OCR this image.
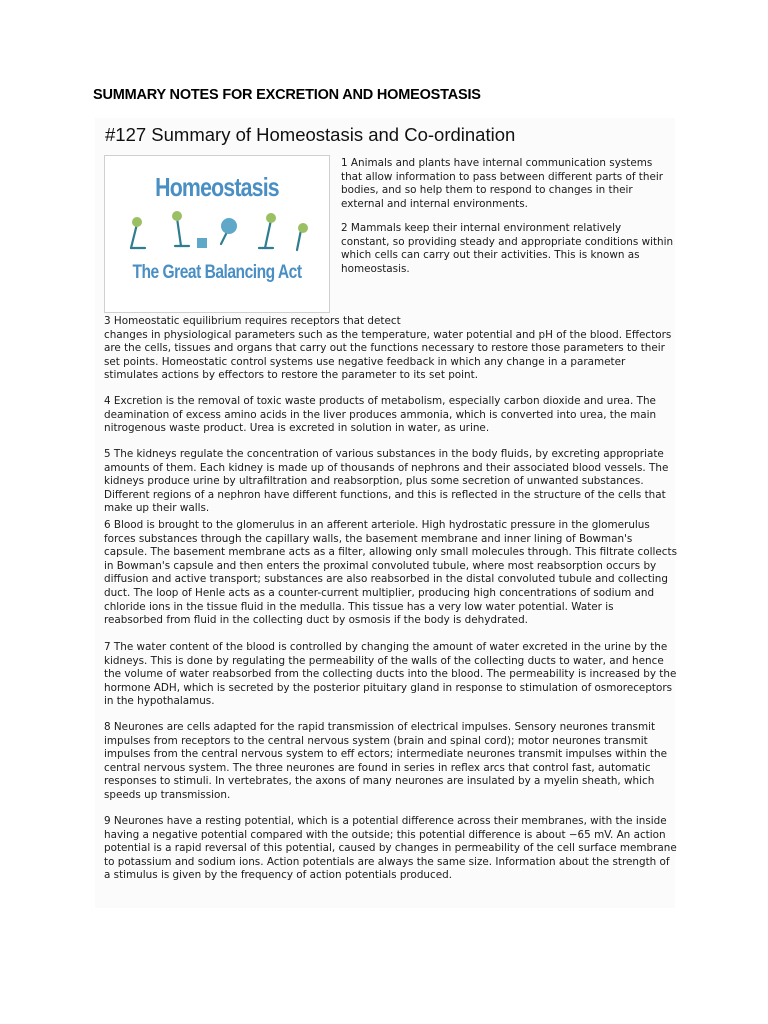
SUMMARY NOTES FOR EXCRETION AND HOMEOSTASIS
#127 Summary of Homeostasis and Co-ordination
Homeostasis
The Great Balancing Act
1 Animals and plants have internal communication systems
that allow information to pass between different parts of their
bodies, and so help them to respond to changes in their
external and internal environments.
2 Mammals keep their internal environment relatively
constant, so providing steady and appropriate conditions within
which cells can carry out their activities. This is known as
homeostasis.
3 Homeostatic equilibrium requires receptors that detect
changes in physiological parameters such as the temperature, water potential and pH of the blood. Effectors
are the cells, tissues and organs that carry out the functions necessary to restore those parameters to their
set points. Homeostatic control systems use negative feedback in which any change in a parameter
stimulates actions by effectors to restore the parameter to its set point.
4 Excretion is the removal of toxic waste products of metabolism, especially carbon dioxide and urea. The
deamination of excess amino acids in the liver produces ammonia, which is converted into urea, the main
nitrogenous waste product. Urea is excreted in solution in water, as urine.
5 The kidneys regulate the concentration of various substances in the body fluids, by excreting appropriate
amounts of them. Each kidney is made up of thousands of nephrons and their associated blood vessels. The
kidneys produce urine by ultrafiltration and reabsorption, plus some secretion of unwanted substances.
Different regions of a nephron have different functions, and this is reflected in the structure of the cells that
make up their walls.
6 Blood is brought to the glomerulus in an afferent arteriole. High hydrostatic pressure in the glomerulus
forces substances through the capillary walls, the basement membrane and inner lining of Bowman's
capsule. The basement membrane acts as a filter, allowing only small molecules through. This filtrate collects
in Bowman's capsule and then enters the proximal convoluted tubule, where most reabsorption occurs by
diffusion and active transport; substances are also reabsorbed in the distal convoluted tubule and collecting
duct. The loop of Henle acts as a counter-current multiplier, producing high concentrations of sodium and
chloride ions in the tissue fluid in the medulla. This tissue has a very low water potential. Water is
reabsorbed from fluid in the collecting duct by osmosis if the body is dehydrated.
7 The water content of the blood is controlled by changing the amount of water excreted in the urine by the
kidneys. This is done by regulating the permeability of the walls of the collecting ducts to water, and hence
the volume of water reabsorbed from the collecting ducts into the blood. The permeability is increased by the
hormone ADH, which is secreted by the posterior pituitary gland in response to stimulation of osmoreceptors
in the hypothalamus.
8 Neurones are cells adapted for the rapid transmission of electrical impulses. Sensory neurones transmit
impulses from receptors to the central nervous system (brain and spinal cord); motor neurones transmit
impulses from the central nervous system to eff ectors; intermediate neurones transmit impulses within the
central nervous system. The three neurones are found in series in reflex arcs that control fast, automatic
responses to stimuli. In vertebrates, the axons of many neurones are insulated by a myelin sheath, which
speeds up transmission.
9 Neurones have a resting potential, which is a potential difference across their membranes, with the inside
having a negative potential compared with the outside; this potential difference is about −65 mV. An action
potential is a rapid reversal of this potential, caused by changes in permeability of the cell surface membrane
to potassium and sodium ions. Action potentials are always the same size. Information about the strength of
a stimulus is given by the frequency of action potentials produced.
